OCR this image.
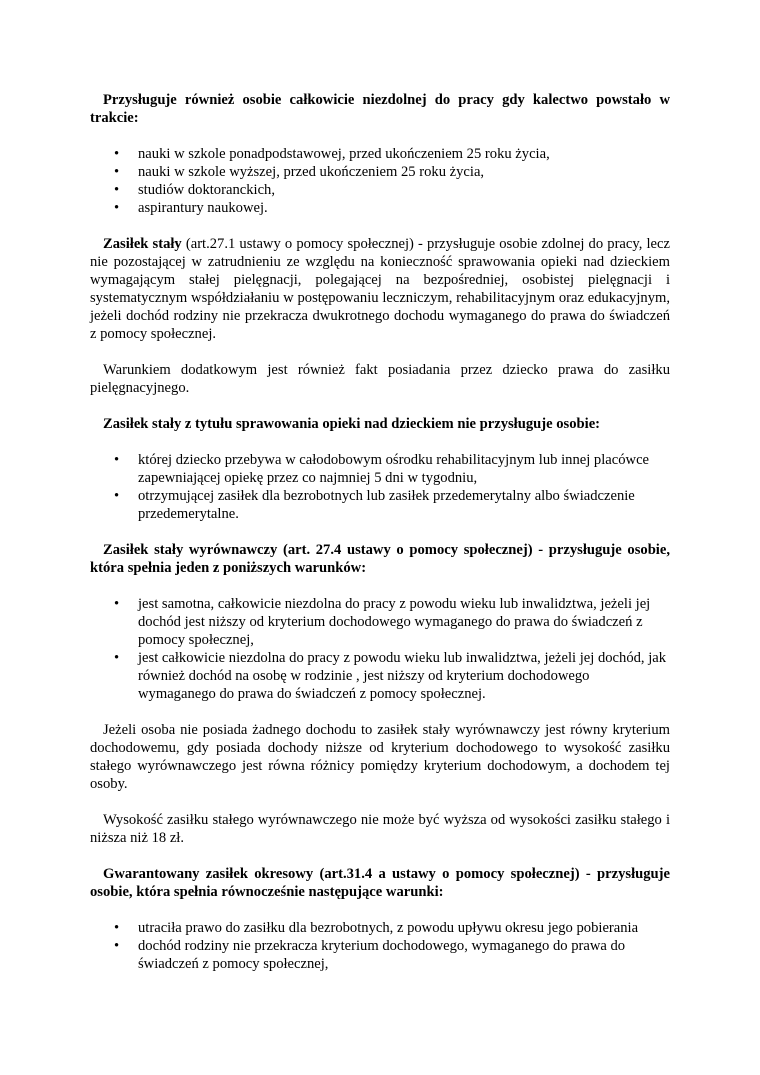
Przysługuje również osobie całkowicie niezdolnej do pracy gdy kalectwo powstało w trakcie:

• nauki w szkole ponadpodstawowej, przed ukończeniem 25 roku życia,
• nauki w szkole wyższej, przed ukończeniem 25 roku życia,
• studiów doktoranckich,
• aspirantury naukowej.

Zasiłek stały (art.27.1 ustawy o pomocy społecznej) - przysługuje osobie zdolnej do pracy, lecz nie pozostającej w zatrudnieniu ze względu na konieczność sprawowania opieki nad dzieckiem wymagającym stałej pielęgnacji, polegającej na bezpośredniej, osobistej pielęgnacji i systematycznym współdziałaniu w postępowaniu leczniczym, rehabilitacyjnym oraz edukacyjnym, jeżeli dochód rodziny nie przekracza dwukrotnego dochodu wymaganego do prawa do świadczeń z pomocy społecznej.

Warunkiem dodatkowym jest również fakt posiadania przez dziecko prawa do zasiłku pielęgnacyjnego.

Zasiłek stały z tytułu sprawowania opieki nad dzieckiem nie przysługuje osobie:

• której dziecko przebywa w całodobowym ośrodku rehabilitacyjnym lub innej placówce zapewniającej opiekę przez co najmniej 5 dni w tygodniu,
• otrzymującej zasiłek dla bezrobotnych lub zasiłek przedemerytalny albo świadczenie przedemerytalne.

Zasiłek stały wyrównawczy (art. 27.4 ustawy o pomocy społecznej) - przysługuje osobie, która spełnia jeden z poniższych warunków:

• jest samotna, całkowicie niezdolna do pracy z powodu wieku lub inwalidztwa, jeżeli jej dochód jest niższy od kryterium dochodowego wymaganego do prawa do świadczeń z pomocy społecznej,
• jest całkowicie niezdolna do pracy z powodu wieku lub inwalidztwa, jeżeli jej dochód, jak również dochód na osobę w rodzinie , jest niższy od kryterium dochodowego wymaganego do prawa do świadczeń z pomocy społecznej.

Jeżeli osoba nie posiada żadnego dochodu to zasiłek stały wyrównawczy jest równy kryterium dochodowemu, gdy posiada dochody niższe od kryterium dochodowego to wysokość zasiłku stałego wyrównawczego jest równa różnicy pomiędzy kryterium dochodowym, a dochodem tej osoby.

Wysokość zasiłku stałego wyrównawczego nie może być wyższa od wysokości zasiłku stałego i niższa niż 18 zł.

Gwarantowany zasiłek okresowy (art.31.4 a ustawy o pomocy społecznej) - przysługuje osobie, która spełnia równocześnie następujące warunki:

• utraciła prawo do zasiłku dla bezrobotnych, z powodu upływu okresu jego pobierania
• dochód rodziny nie przekracza kryterium dochodowego, wymaganego do prawa do świadczeń z pomocy społecznej,
